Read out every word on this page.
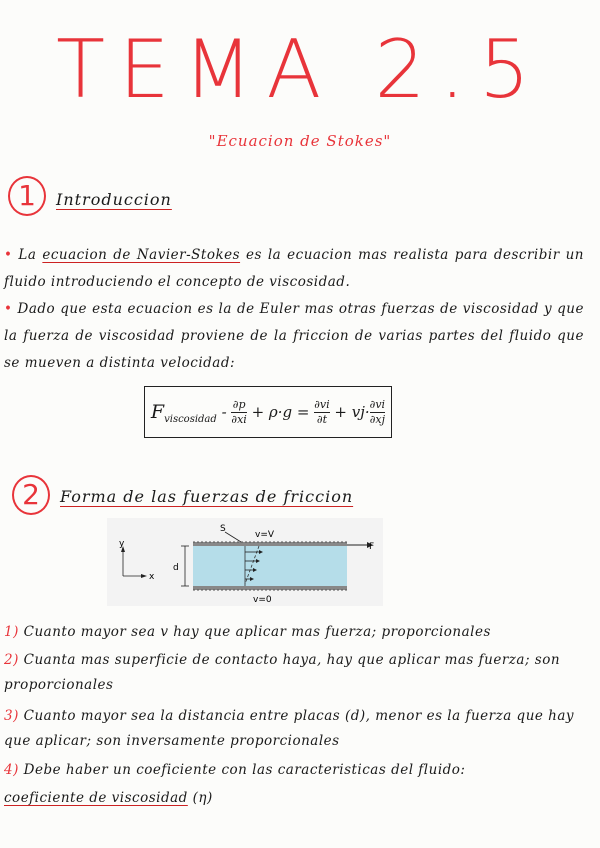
TEMA 2.5
"Ecuacion de Stokes"
1	Introduccion
• La ecuacion de Navier-Stokes es la ecuacion mas realista para describir un fluido introduciendo el concepto de viscosidad.
• Dado que esta ecuacion es la de Euler mas otras fuerzas de viscosidad y que la fuerza de viscosidad proviene de la friccion de varias partes del fluido que se mueven a distinta velocidad:
F viscosidad - ∂p
∂xi + ρ·g = ∂vi
∂t + vj· ∂vi
∂xj
2	Forma de las fuerzas de friccion
F
S
v=V
v=0
d
y
x
1) Cuanto mayor sea v hay que aplicar mas fuerza; proporcionales
2) Cuanta mas superficie de contacto haya, hay que aplicar mas fuerza; son proporcionales
3) Cuanto mayor sea la distancia entre placas (d), menor es la fuerza que hay que aplicar; son inversamente proporcionales
4) Debe haber un coeficiente con las caracteristicas del fluido:
coeficiente de viscosidad (η)
